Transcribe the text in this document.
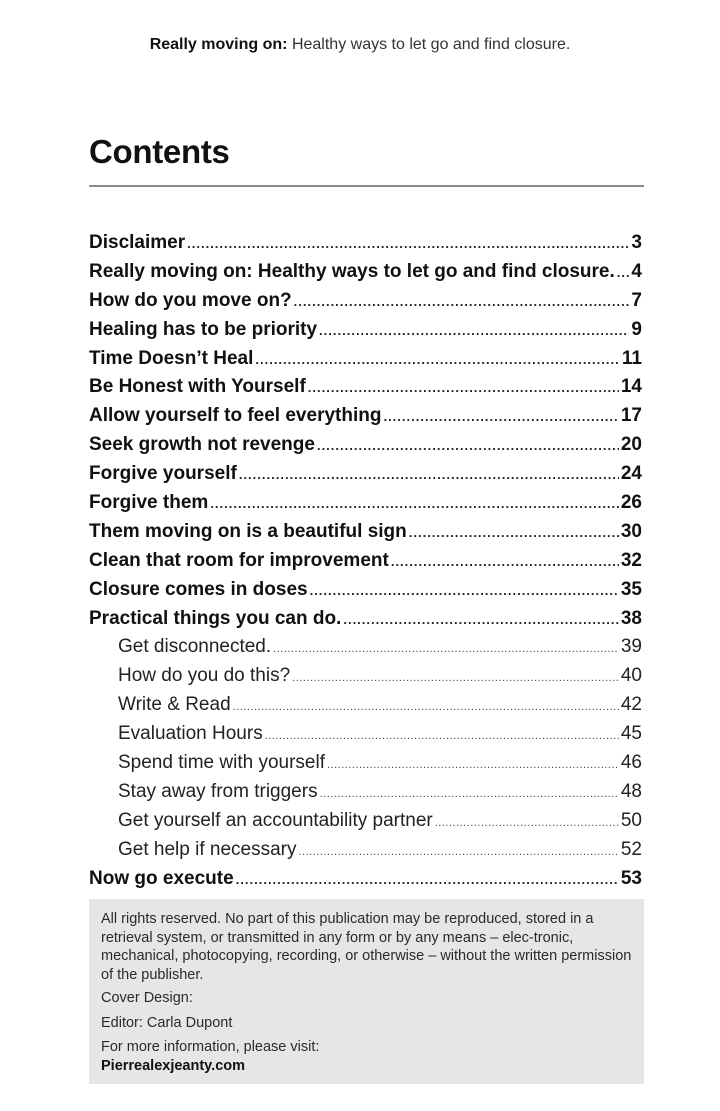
Really moving on: Healthy ways to let go and find closure.
Contents
Disclaimer .....	3
Really moving on: Healthy ways to let go and find closure. ..... 4
How do you move on? .....	7
Healing has to be priority .....	9
Time Doesn’t Heal .....	11
Be Honest with Yourself .....	14
Allow yourself to feel everything .....	17
Seek growth not revenge .....	20
Forgive yourself .....	24
Forgive them .....	26
Them moving on is a beautiful sign .....	30
Clean that room for improvement .....	32
Closure comes in doses .....	35
Practical things you can do. .....	38
Get disconnected. .....	39
How do you do this? .....	40
Write & Read .....	42
Evaluation Hours .....	45
Spend time with yourself .....	46
Stay away from triggers .....	48
Get yourself an accountability partner .....	50
Get help if necessary .....	52
Now go execute .....	53

All rights reserved. No part of this publication may be reproduced, stored in a retrieval system, or transmitted in any form or by any means – elec-tronic, mechanical, photocopying, recording, or otherwise – without the written permission of the publisher.

Cover Design:

Editor: Carla Dupont

For more information, please visit:

Pierrealexjeanty.com
